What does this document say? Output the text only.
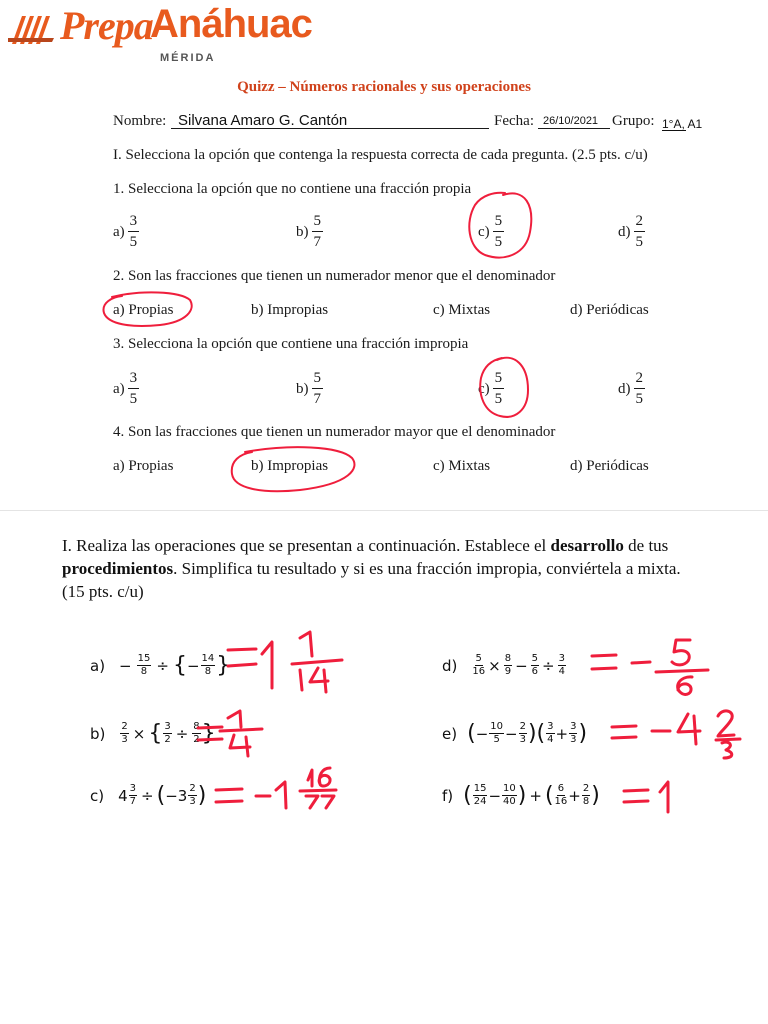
Prepa
Anáhuac
MÉRIDA
Quizz – Números racionales y sus operaciones
Nombre: Silvana Amaro G. Cantón	Fecha: 26/10/2021 Grupo: 1°A, A1
I. Selecciona la opción que contenga la respuesta correcta de cada pregunta. (2.5 pts. c/u)
1. Selecciona la opción que no contiene una fracción propia
$a) \frac{3}{5}$	$b) \frac{5}{7}$	$c) \frac{5}{5}$	$d) \frac{2}{5}$
2. Son las fracciones que tienen un numerador menor que el denominador
a) Propias	b) Impropias	c) Mixtas	d) Periódicas
3. Selecciona la opción que contiene una fracción impropia
$a) \frac{3}{5}$	$b) \frac{5}{7}$	$c) \frac{5}{5}$	$d) \frac{2}{5}$
4. Son las fracciones que tienen un numerador mayor que el denominador
a) Propias	b) Impropias	c) Mixtas	d) Periódicas
I. Realiza las operaciones que se presentan a continuación. Establece el desarrollo de tus
procedimientos. Simplifica tu resultado y si es una fracción impropia, conviértela a mixta.
(15 pts. c/u)
$a) - \frac{15}{8}$ ÷ { − $\frac{14}{8}$ }
$b) \frac{2}{3}$ × { $\frac{3}{2} \div \frac{8}{2}$ }
c) $4 \frac{3}{7}$ ÷ ( −3 2
3 )
$d) \frac{5}{16} \times \frac{8}{9} - \frac{5}{6} \div \frac{3}{4}$
e) ( − $\frac{10}{5} - \frac{2}{3}$ ) ( 3
$4 + \frac{3}{3}$ )
f) ( 15
$24 - \frac{10}{40}$ ) + ( 6
$16 + \frac{2}{8}$ )
